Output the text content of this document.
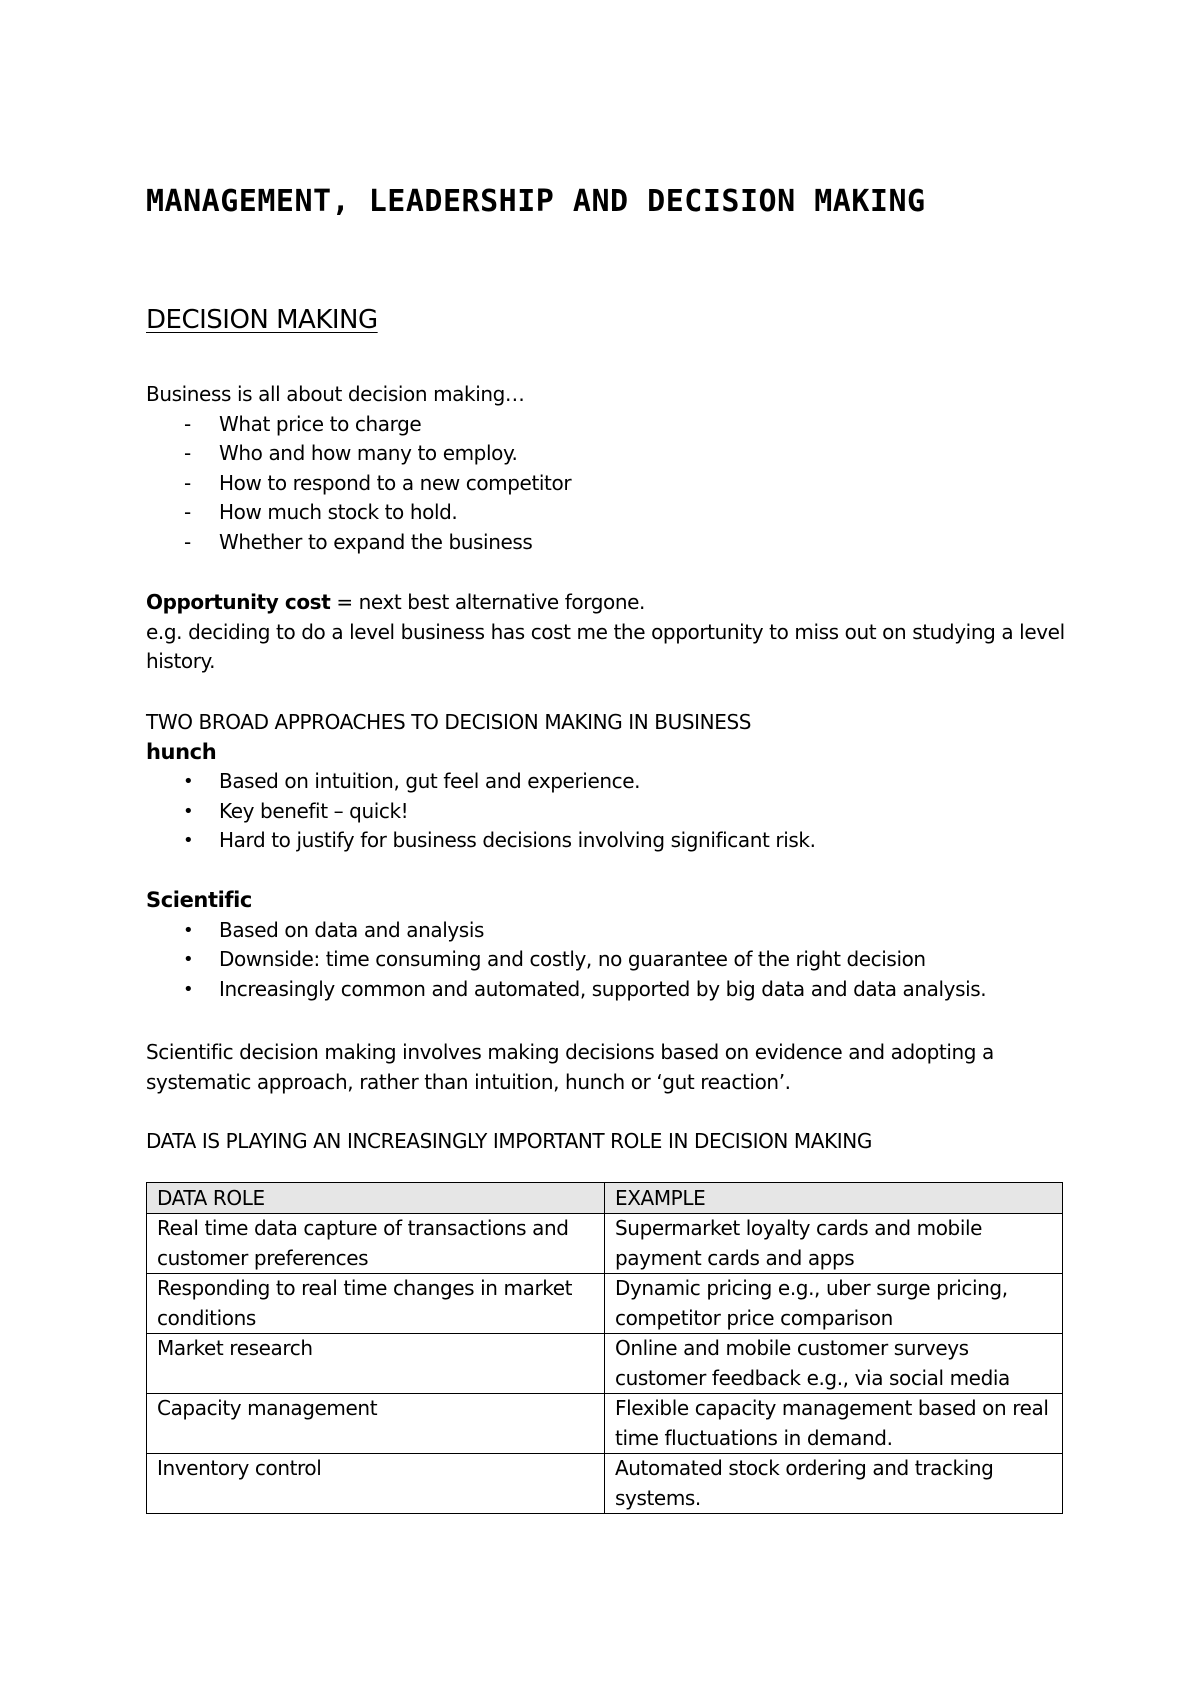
MANAGEMENT, LEADERSHIP AND DECISION MAKING
DECISION MAKING

Business is all about decision making…

- What price to charge
- Who and how many to employ.
- How to respond to a new competitor
- How much stock to hold.
- Whether to expand the business

Opportunity cost = next best alternative forgone.

e.g. deciding to do a level business has cost me the opportunity to miss out on studying a level history.

TWO BROAD APPROACHES TO DECISION MAKING IN BUSINESS

hunch

• Based on intuition, gut feel and experience.
• Key benefit – quick!
• Hard to justify for business decisions involving significant risk.

Scientific

• Based on data and analysis
• Downside: time consuming and costly, no guarantee of the right decision
• Increasingly common and automated, supported by big data and data analysis.

Scientific decision making involves making decisions based on evidence and adopting a systematic approach, rather than intuition, hunch or ‘gut reaction’.

DATA IS PLAYING AN INCREASINGLY IMPORTANT ROLE IN DECISION MAKING

DATA ROLE	EXAMPLE
Real time data capture of transactions and customer preferences	Supermarket loyalty cards and mobile payment cards and apps
Responding to real time changes in market conditions	Dynamic pricing e.g., uber surge pricing, competitor price comparison
Market research	Online and mobile customer surveys customer feedback e.g., via social media
Capacity management	Flexible capacity management based on real time fluctuations in demand.
Inventory control	Automated stock ordering and tracking systems.
